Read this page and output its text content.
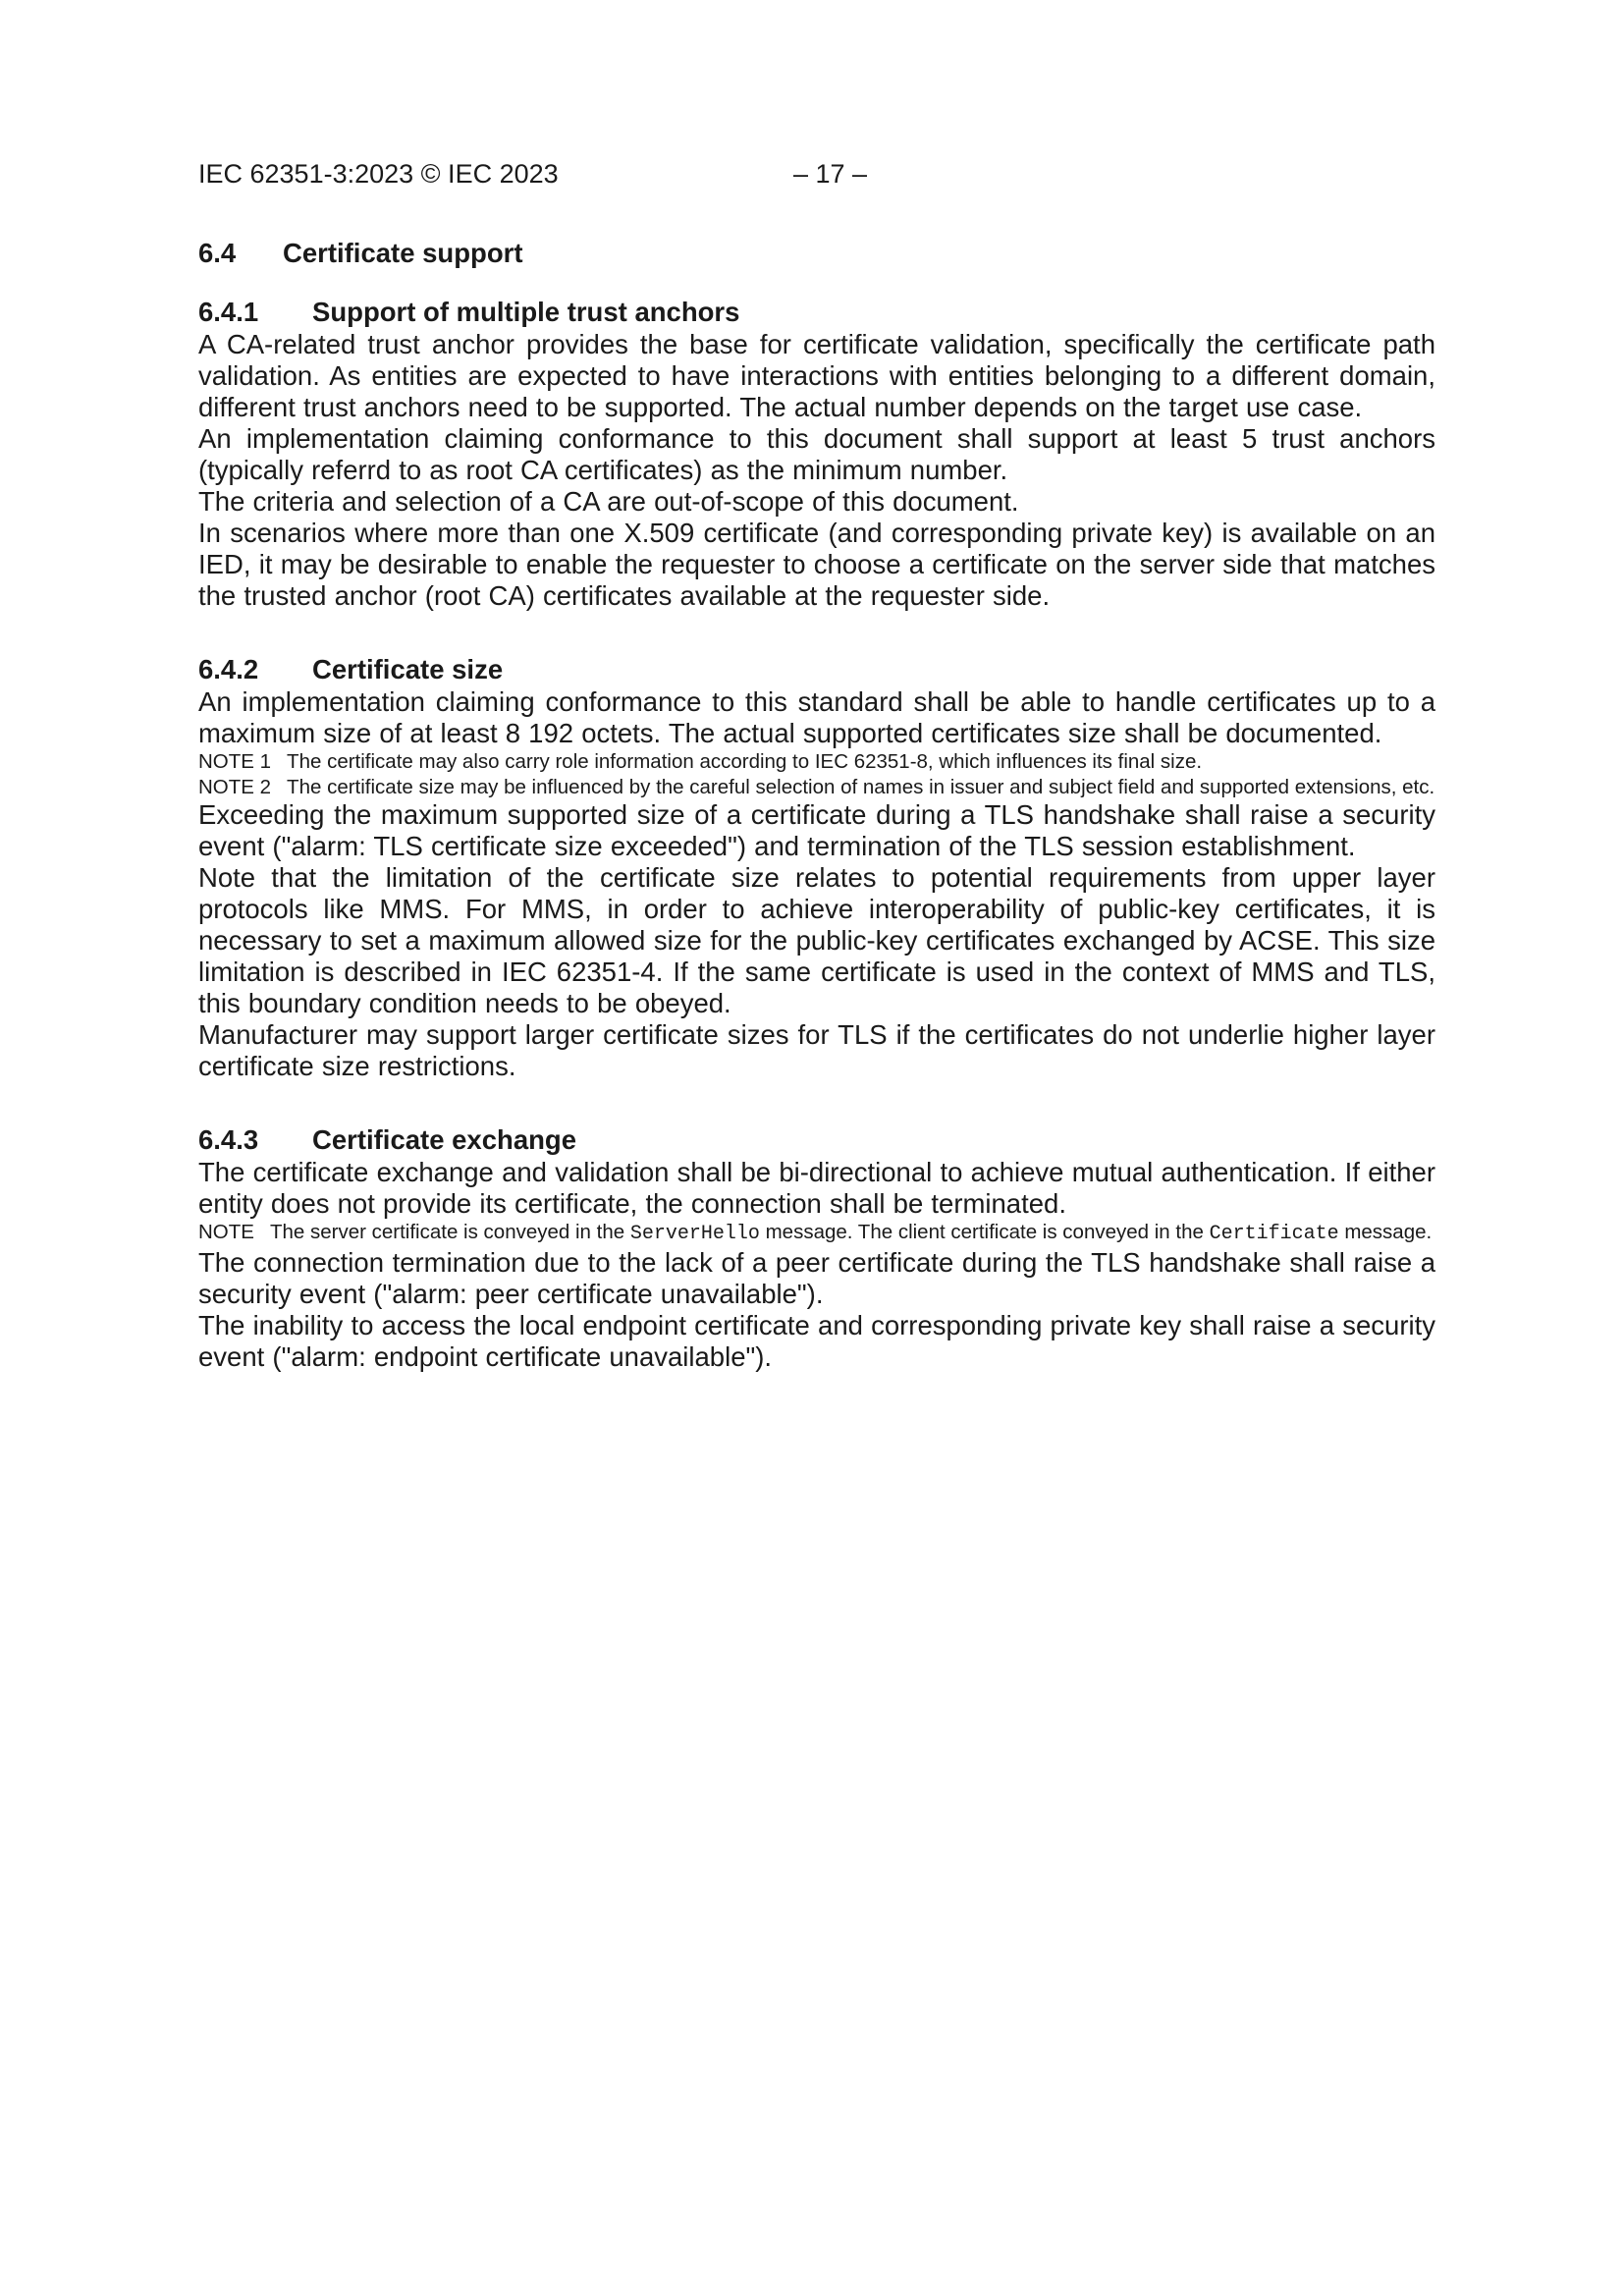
IEC 62351-3:2023 © IEC 2023	– 17 –
6.4 Certificate support
6.4.1 Support of multiple trust anchors

A CA-related trust anchor provides the base for certificate validation, specifically the certificate path validation. As entities are expected to have interactions with entities belonging to a different domain, different trust anchors need to be supported. The actual number depends on the target use case.

An implementation claiming conformance to this document shall support at least 5 trust anchors (typically referrd to as root CA certificates) as the minimum number.

The criteria and selection of a CA are out-of-scope of this document.

In scenarios where more than one X.509 certificate (and corresponding private key) is available on an IED, it may be desirable to enable the requester to choose a certificate on the server side that matches the trusted anchor (root CA) certificates available at the requester side.

6.4.2 Certificate size

An implementation claiming conformance to this standard shall be able to handle certificates up to a maximum size of at least 8 192 octets. The actual supported certificates size shall be documented.

NOTE 1 The certificate may also carry role information according to IEC 62351-8, which influences its final size.

NOTE 2 The certificate size may be influenced by the careful selection of names in issuer and subject field and supported extensions, etc.

Exceeding the maximum supported size of a certificate during a TLS handshake shall raise a security event ("alarm: TLS certificate size exceeded") and termination of the TLS session establishment.

Note that the limitation of the certificate size relates to potential requirements from upper layer protocols like MMS. For MMS, in order to achieve interoperability of public-key certificates, it is necessary to set a maximum allowed size for the public-key certificates exchanged by ACSE. This size limitation is described in IEC 62351-4. If the same certificate is used in the context of MMS and TLS, this boundary condition needs to be obeyed.

Manufacturer may support larger certificate sizes for TLS if the certificates do not underlie higher layer certificate size restrictions.

6.4.3 Certificate exchange

The certificate exchange and validation shall be bi-directional to achieve mutual authentication. If either entity does not provide its certificate, the connection shall be terminated.

NOTE The server certificate is conveyed in the ServerHello message. The client certificate is conveyed in the Certificate message.

The connection termination due to the lack of a peer certificate during the TLS handshake shall raise a security event ("alarm: peer certificate unavailable").

The inability to access the local endpoint certificate and corresponding private key shall raise a security event ("alarm: endpoint certificate unavailable").
